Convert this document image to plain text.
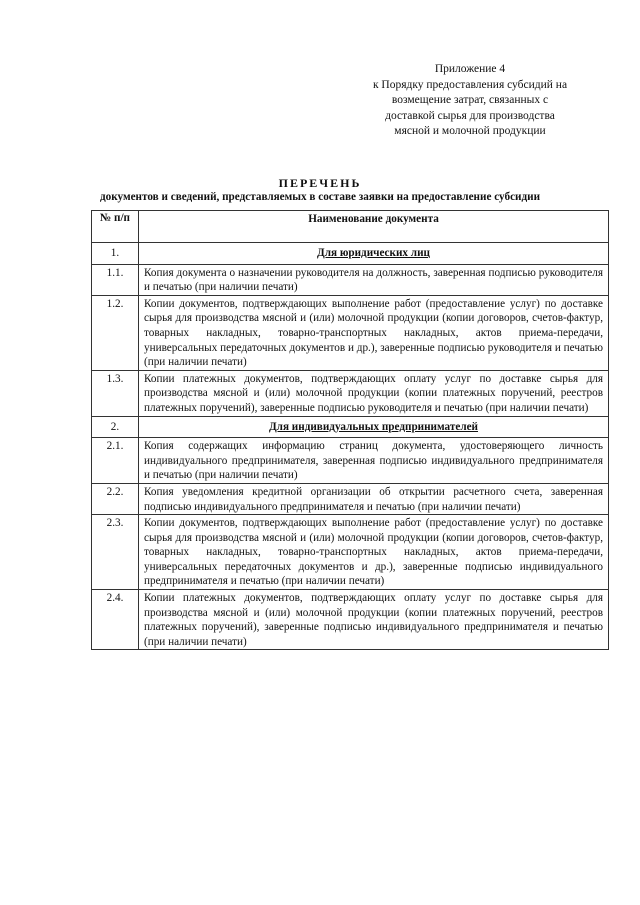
Приложение 4
к Порядку предоставления субсидий на
возмещение затрат, связанных с
доставкой сырья для производства
мясной и молочной продукции
ПЕРЕЧЕНЬ
документов и сведений, представляемых в составе заявки на предоставление субсидии
№ п/п	Наименование документа
1.	Для юридических лиц
1.1.	Копия документа о назначении руководителя на должность, заверенная подписью руководителя и печатью (при наличии печати)
1.2.	Копии документов, подтверждающих выполнение работ (предоставление услуг) по доставке сырья для производства мясной и (или) молочной продукции (копии договоров, счетов-фактур, товарных накладных, товарно-транспортных накладных, актов приема-передачи, универсальных передаточных документов и др.), заверенные подписью руководителя и печатью (при наличии печати)
1.3.	Копии платежных документов, подтверждающих оплату услуг по доставке сырья для производства мясной и (или) молочной продукции (копии платежных поручений, реестров платежных поручений), заверенные подписью руководителя и печатью (при наличии печати)
2.	Для индивидуальных предпринимателей
2.1.	Копия содержащих информацию страниц документа, удостоверяющего личность индивидуального предпринимателя, заверенная подписью индивидуального предпринимателя и печатью (при наличии печати)
2.2.	Копия уведомления кредитной организации об открытии расчетного счета, заверенная подписью индивидуального предпринимателя и печатью (при наличии печати)
2.3.	Копии документов, подтверждающих выполнение работ (предоставление услуг) по доставке сырья для производства мясной и (или) молочной продукции (копии договоров, счетов-фактур, товарных накладных, товарно-транспортных накладных, актов приема-передачи, универсальных передаточных документов и др.), заверенные подписью индивидуального предпринимателя и печатью (при наличии печати)
2.4.	Копии платежных документов, подтверждающих оплату услуг по доставке сырья для производства мясной и (или) молочной продукции (копии платежных поручений, реестров платежных поручений), заверенные подписью индивидуального предпринимателя и печатью (при наличии печати)
